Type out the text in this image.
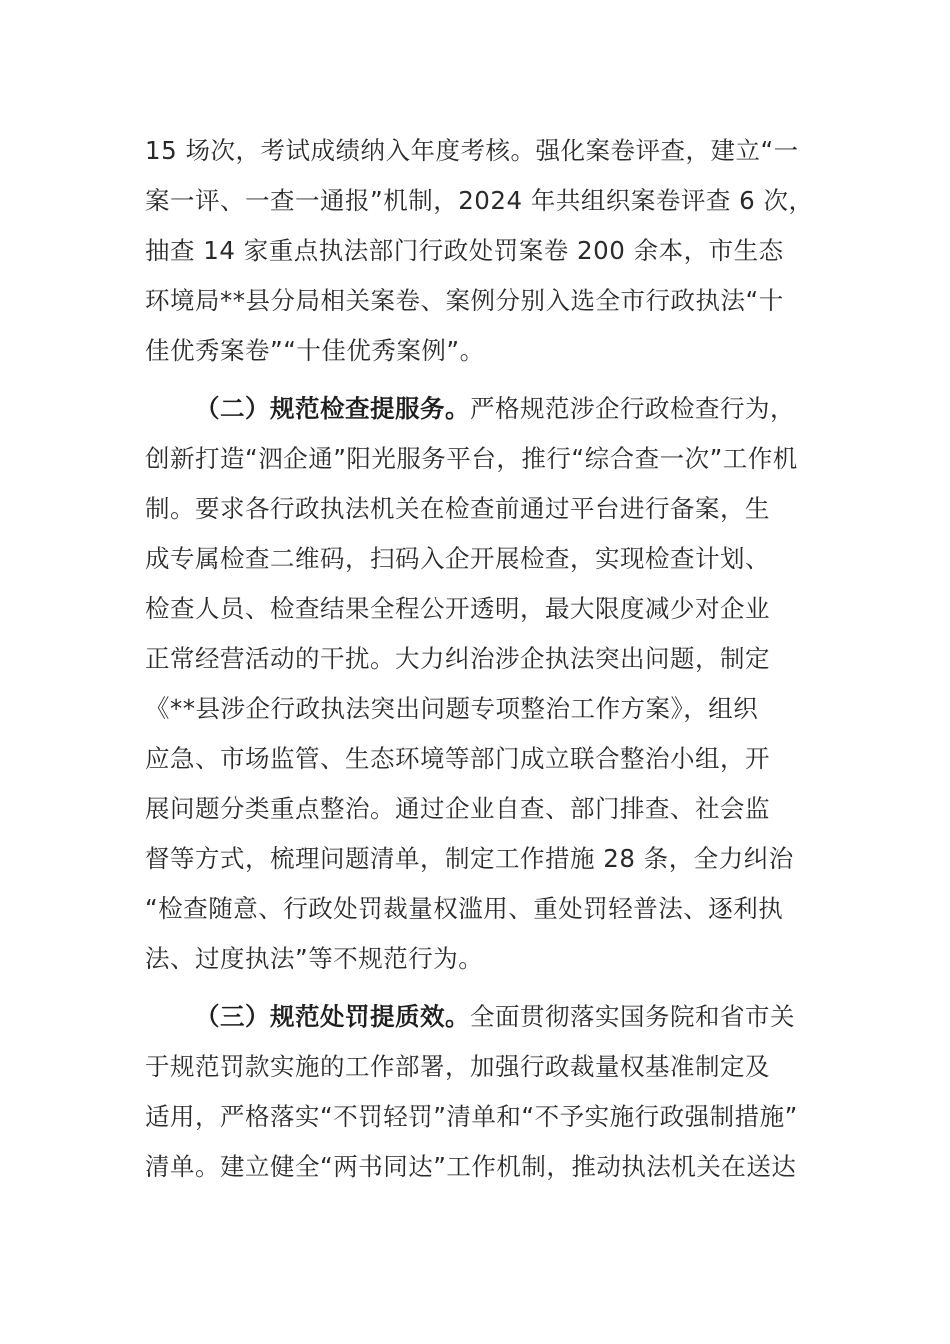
15 场次，考试成绩纳入年度考核。强化案卷评查，建立“一
案一评、一查一通报”机制，2024 年共组织案卷评查 6 次，
抽查 14 家重点执法部门行政处罚案卷 200 余本，市生态
环境局**县分局相关案卷、案例分别入选全市行政执法“十
佳优秀案卷”“十佳优秀案例”。
（二）规范检查提服务。严格规范涉企行政检查行为，
创新打造“泗企通”阳光服务平台，推行“综合查一次”工作机
制。要求各行政执法机关在检查前通过平台进行备案，生
成专属检查二维码，扫码入企开展检查，实现检查计划、
检查人员、检查结果全程公开透明，最大限度减少对企业
正常经营活动的干扰。大力纠治涉企执法突出问题，制定
《**县涉企行政执法突出问题专项整治工作方案》，组织
应急、市场监管、生态环境等部门成立联合整治小组，开
展问题分类重点整治。通过企业自查、部门排查、社会监
督等方式，梳理问题清单，制定工作措施 28 条，全力纠治
“检查随意、行政处罚裁量权滥用、重处罚轻普法、逐利执
法、过度执法”等不规范行为。
（三）规范处罚提质效。全面贯彻落实国务院和省市关
于规范罚款实施的工作部署，加强行政裁量权基准制定及
适用，严格落实“不罚轻罚”清单和“不予实施行政强制措施”
清单。建立健全“两书同达”工作机制，推动执法机关在送达
